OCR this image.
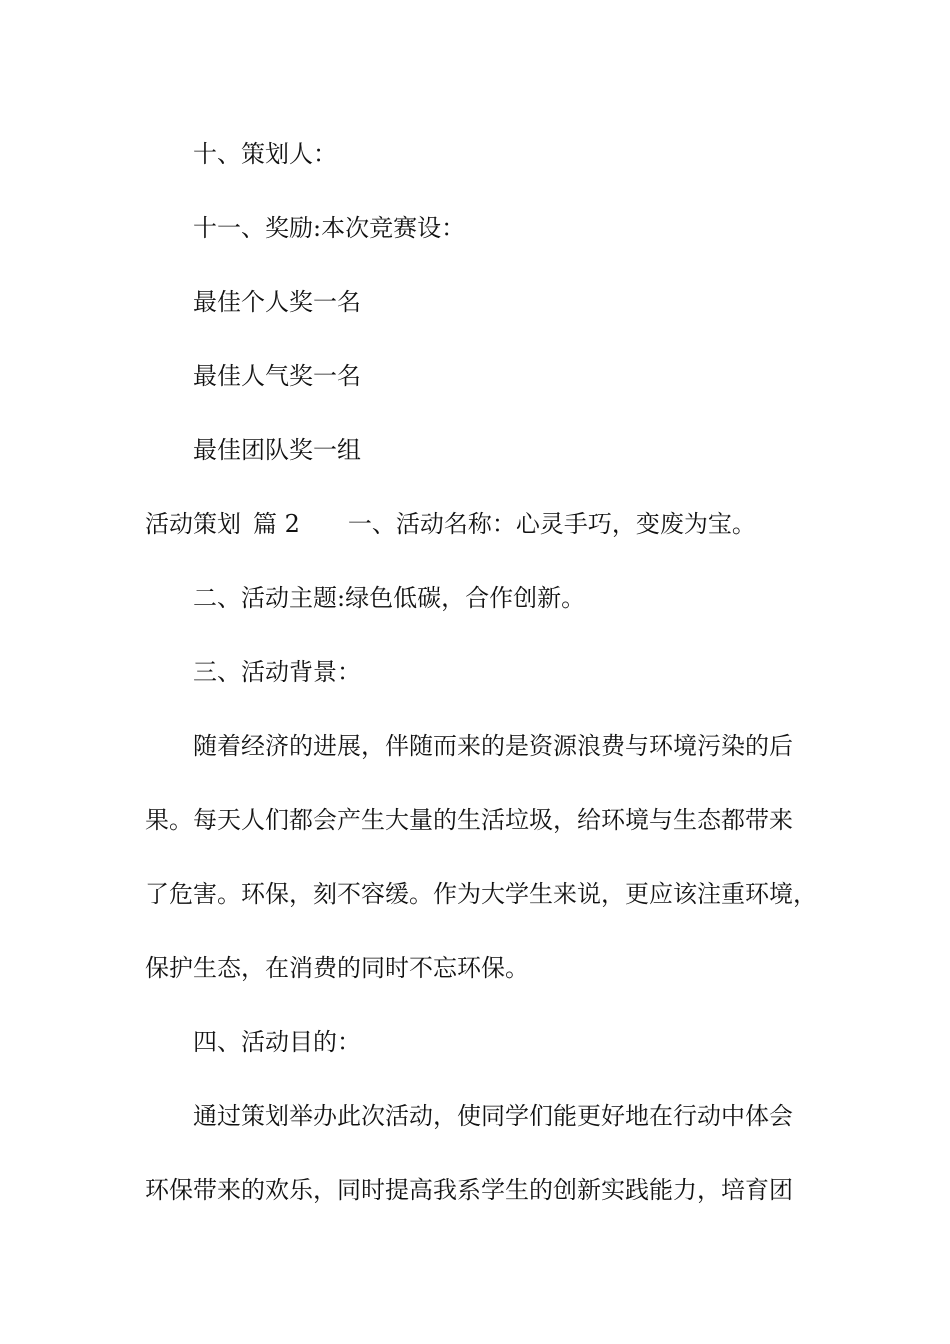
十、策划人：
十一、奖励:本次竞赛设：
最佳个人奖一名
最佳人气奖一名
最佳团队奖一组
活动策划 篇 2 一、活动名称：心灵手巧，变废为宝。
二、活动主题:绿色低碳，合作创新。
三、活动背景：
随着经济的进展，伴随而来的是资源浪费与环境污染的后
果。每天人们都会产生大量的生活垃圾，给环境与生态都带来
了危害。环保，刻不容缓。作为大学生来说，更应该注重环境，
保护生态，在消费的同时不忘环保。
四、活动目的：
通过策划举办此次活动，使同学们能更好地在行动中体会
环保带来的欢乐，同时提高我系学生的创新实践能力，培育团
